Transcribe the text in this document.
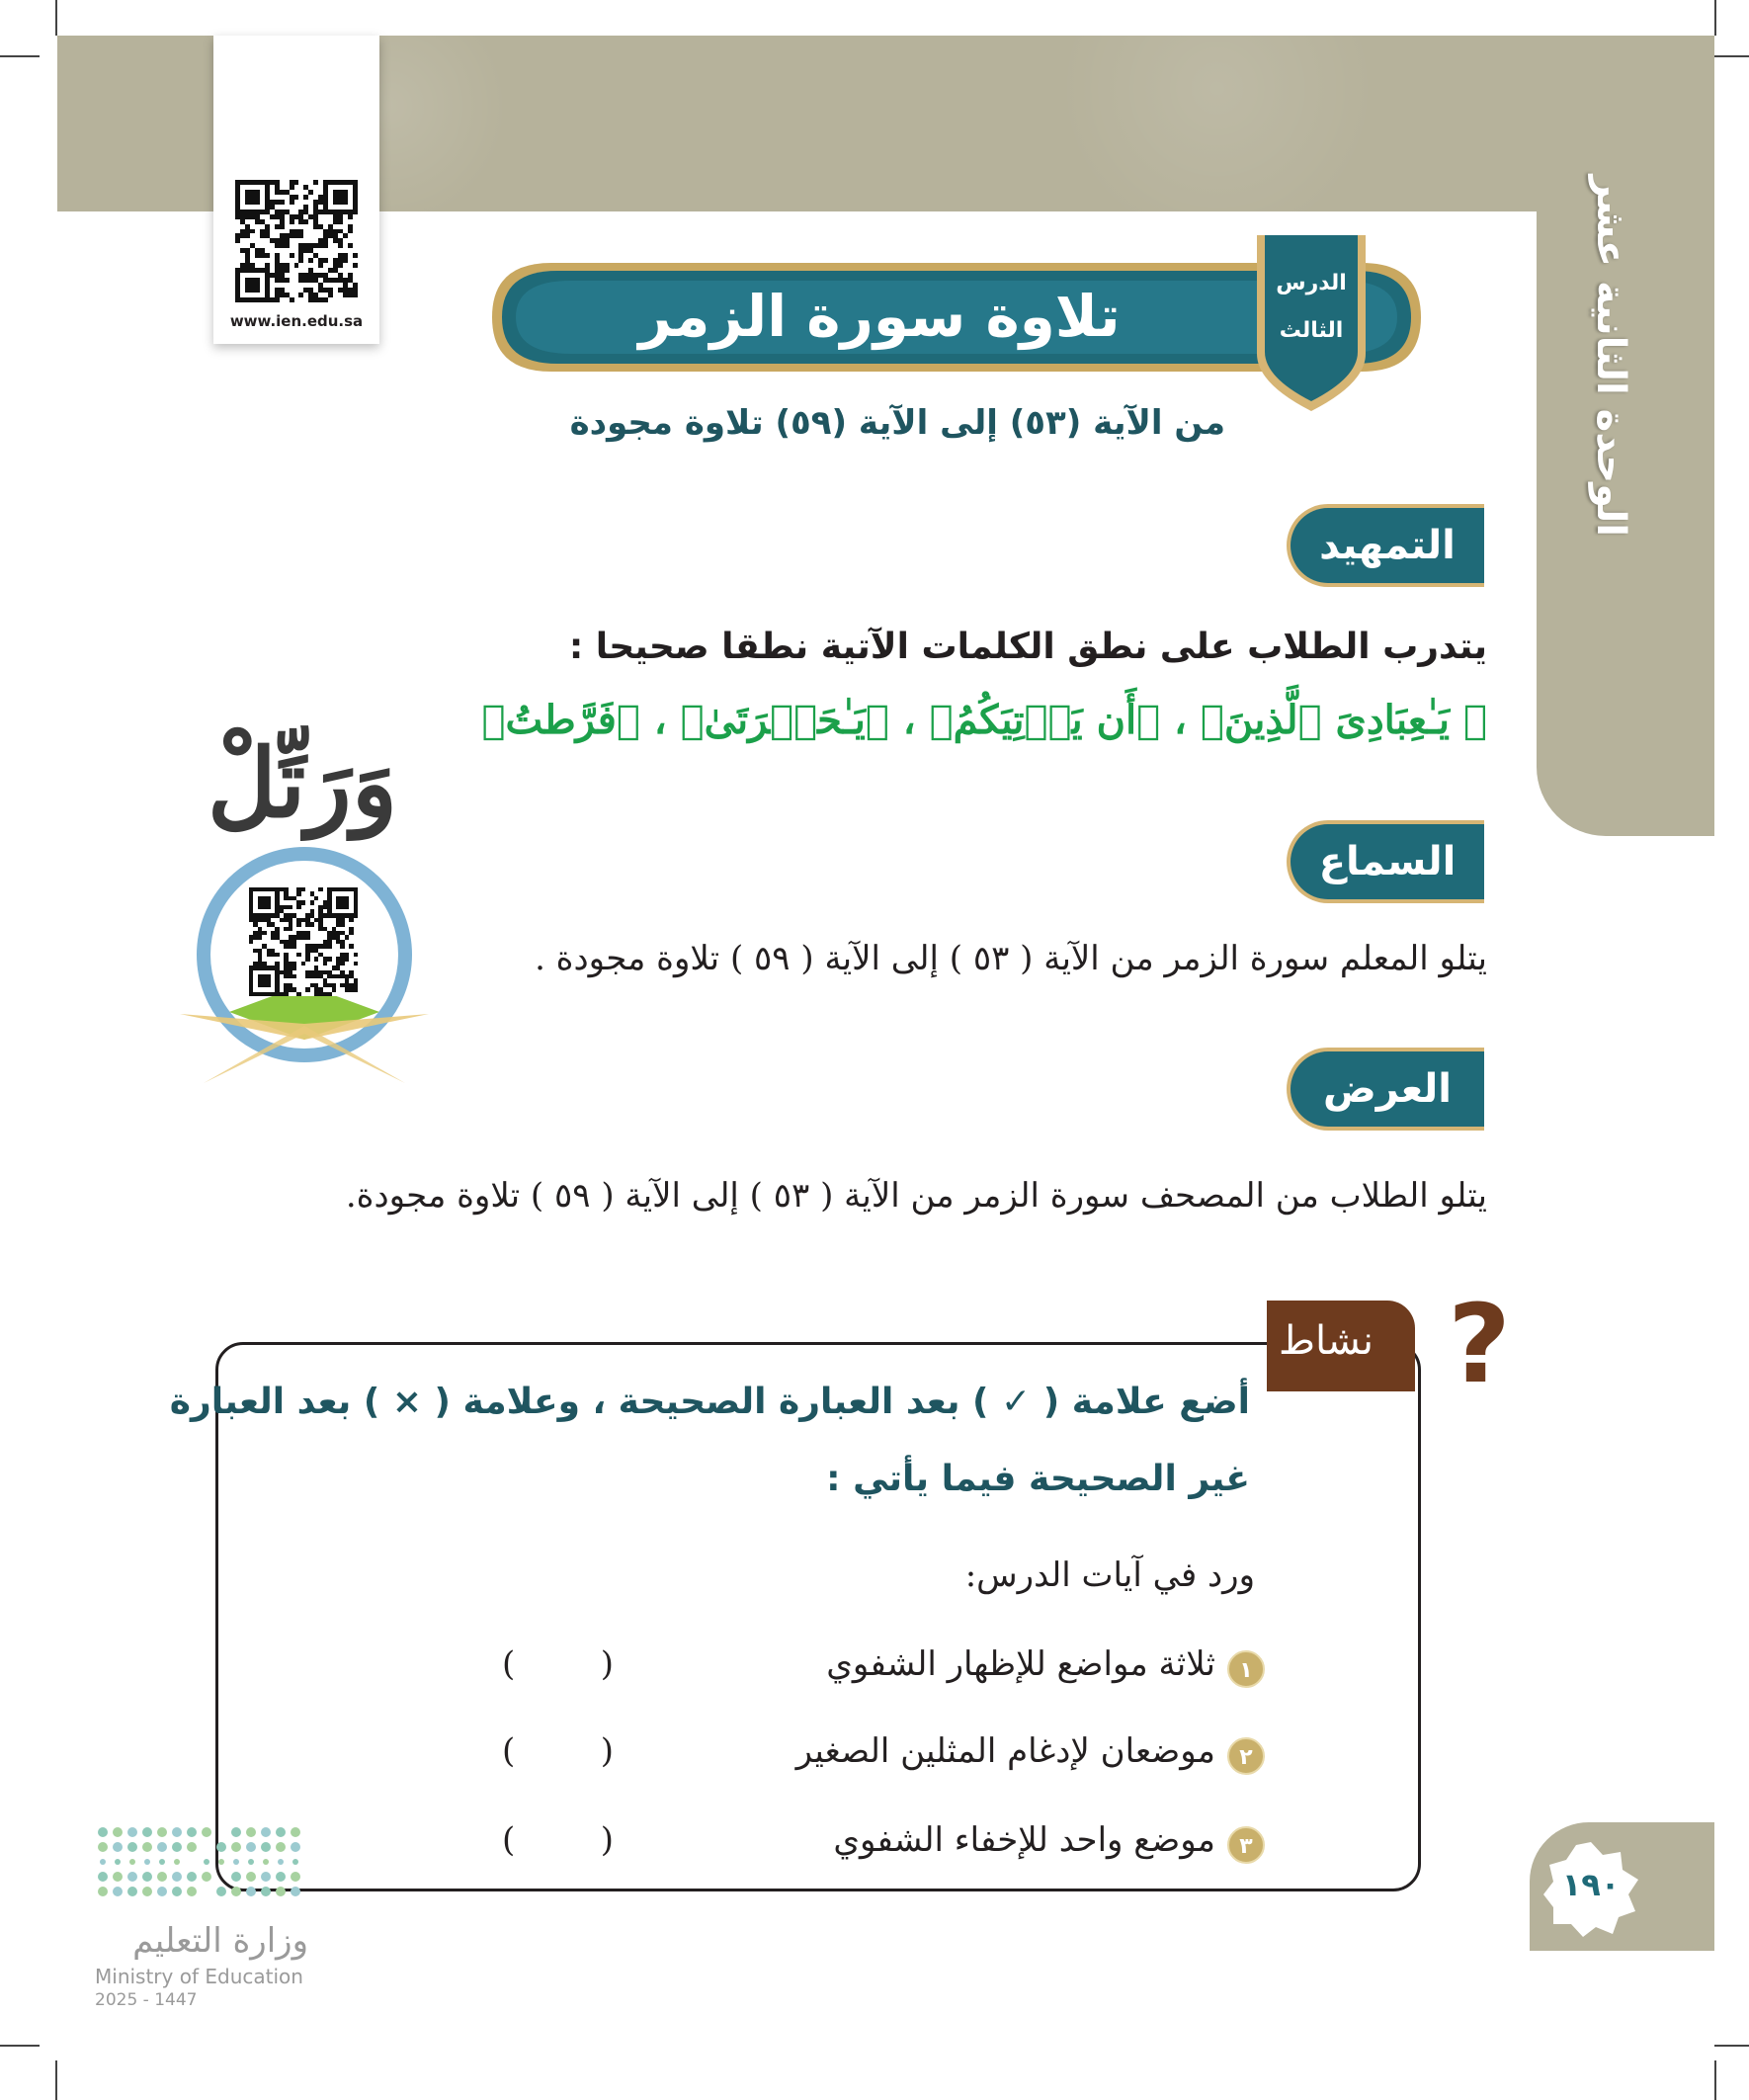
الوحدة الثانية عشر
www.ien.edu.sa	تلاوة سورة الزمر	الدرس
الثالث
من الآية (٥٣) إلى الآية (٥٩) تلاوة مجودة
التمهيد
يتدرب الطلاب على نطق الكلمات الآتية نطقا صحيحا :
﴿ يَـٰعِبَادِىَ ٱلَّذِينَ﴾ ، ﴿أَن يَأۡتِيَكُمُ﴾ ، ﴿يَـٰحَسۡرَتَىٰ﴾ ، ﴿فَرَّطتُ﴾
وَرَتِّلْ
السماع
يتلو المعلم سورة الزمر من الآية ( ٥٣ ) إلى الآية ( ٥٩ ) تلاوة مجودة .
العرض
يتلو الطلاب من المصحف سورة الزمر من الآية ( ٥٣ ) إلى الآية ( ٥٩ ) تلاوة مجودة.
نشاط ?
أضع علامة ( ✓ ) بعد العبارة الصحيحة ، وعلامة ( × ) بعد العبارة
غير الصحيحة فيما يأتي :
ورد في آيات الدرس:
١
ثلاثة مواضع للإظهار الشفوي
(        )
٢
موضعان لإدغام المثلين الصغير
(        )
٣
موضع واحد للإخفاء الشفوي
(        )
١٩٠
وزارة التعليم
Ministry of Education
2025 - 1447
